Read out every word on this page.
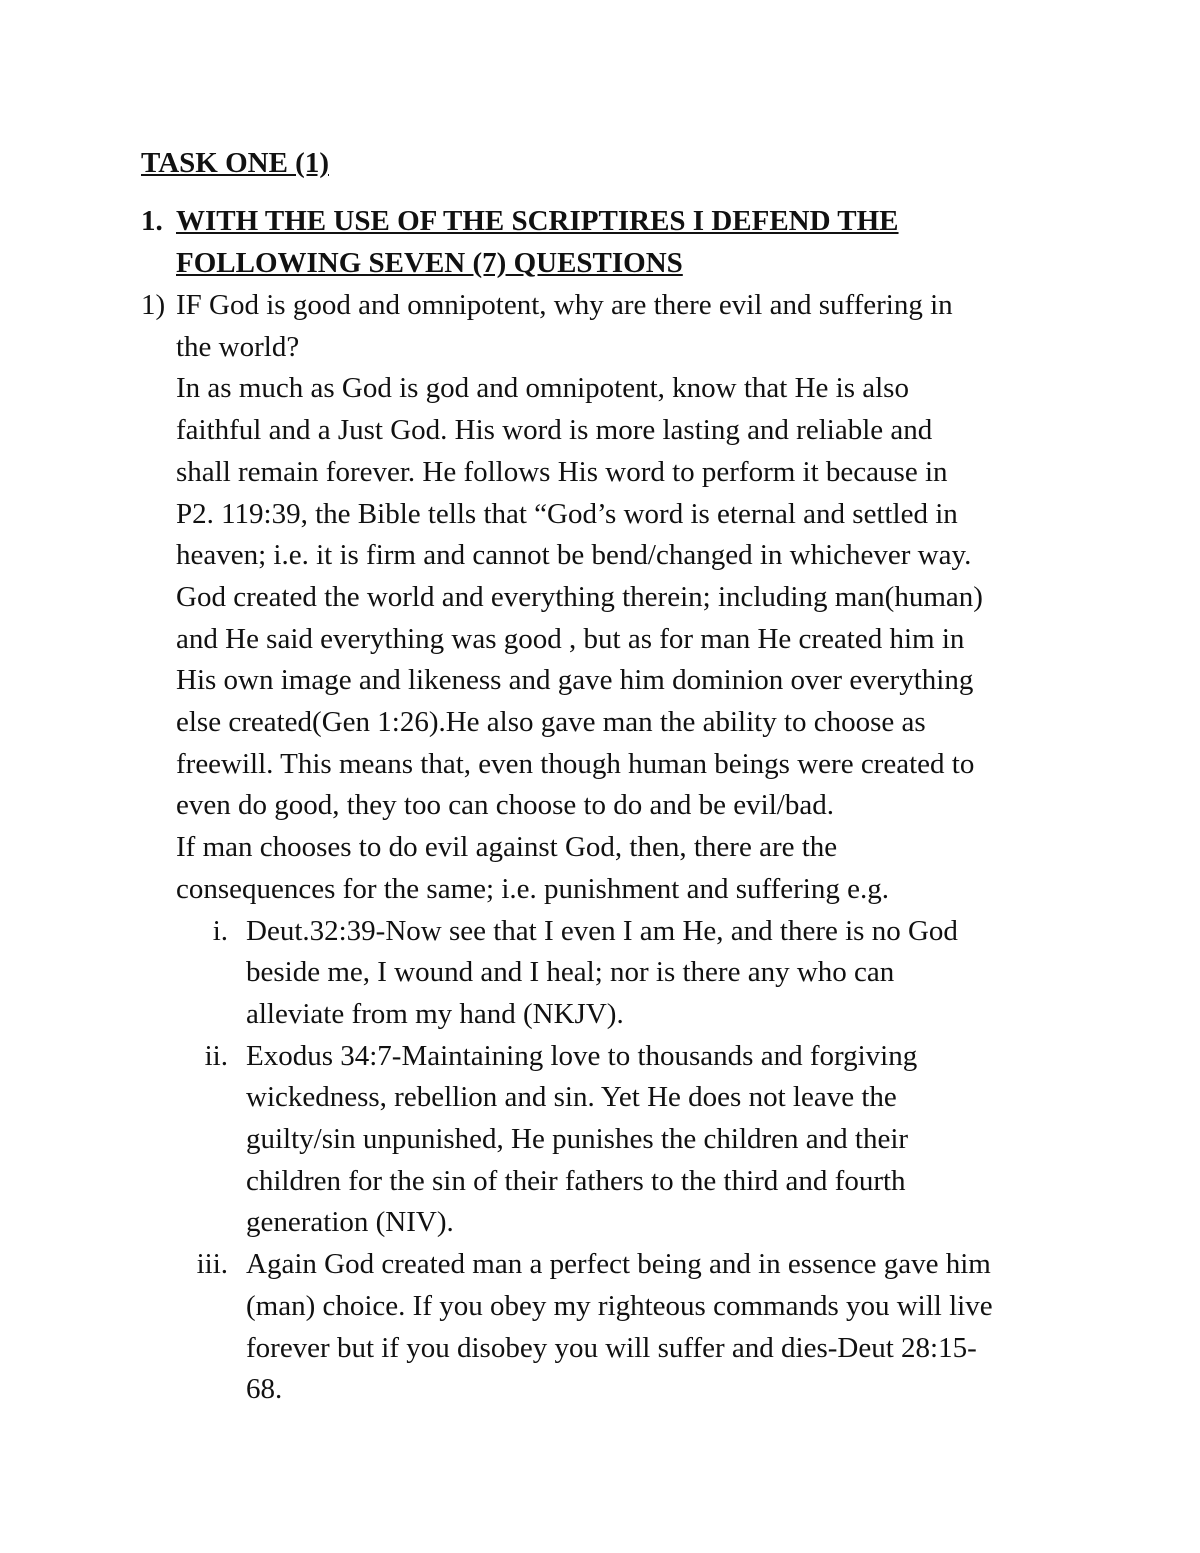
TASK ONE (1)
1. WITH THE USE OF THE SCRIPTIRES I DEFEND THE
FOLLOWING SEVEN (7) QUESTIONS
1) IF God is good and omnipotent, why are there evil and suffering in
the world?

In as much as God is god and omnipotent, know that He is also
faithful and a Just God. His word is more lasting and reliable and
shall remain forever. He follows His word to perform it because in
P2. 119:39, the Bible tells that “God’s word is eternal and settled in
heaven; i.e. it is firm and cannot be bend/changed in whichever way.
God created the world and everything therein; including man(human)
and He said everything was good , but as for man He created him in
His own image and likeness and gave him dominion over everything
else created(Gen 1:26).He also gave man the ability to choose as
freewill. This means that, even though human beings were created to
even do good, they too can choose to do and be evil/bad.

If man chooses to do evil against God, then, there are the
consequences for the same; i.e. punishment and suffering e.g.

i. Deut.32:39-Now see that I even I am He, and there is no God
beside me, I wound and I heal; nor is there any who can
alleviate from my hand (NKJV).
ii. Exodus 34:7-Maintaining love to thousands and forgiving
wickedness, rebellion and sin. Yet He does not leave the
guilty/sin unpunished, He punishes the children and their
children for the sin of their fathers to the third and fourth
generation (NIV).
iii. Again God created man a perfect being and in essence gave him
(man) choice. If you obey my righteous commands you will live
forever but if you disobey you will suffer and dies-Deut 28:15-
68.
